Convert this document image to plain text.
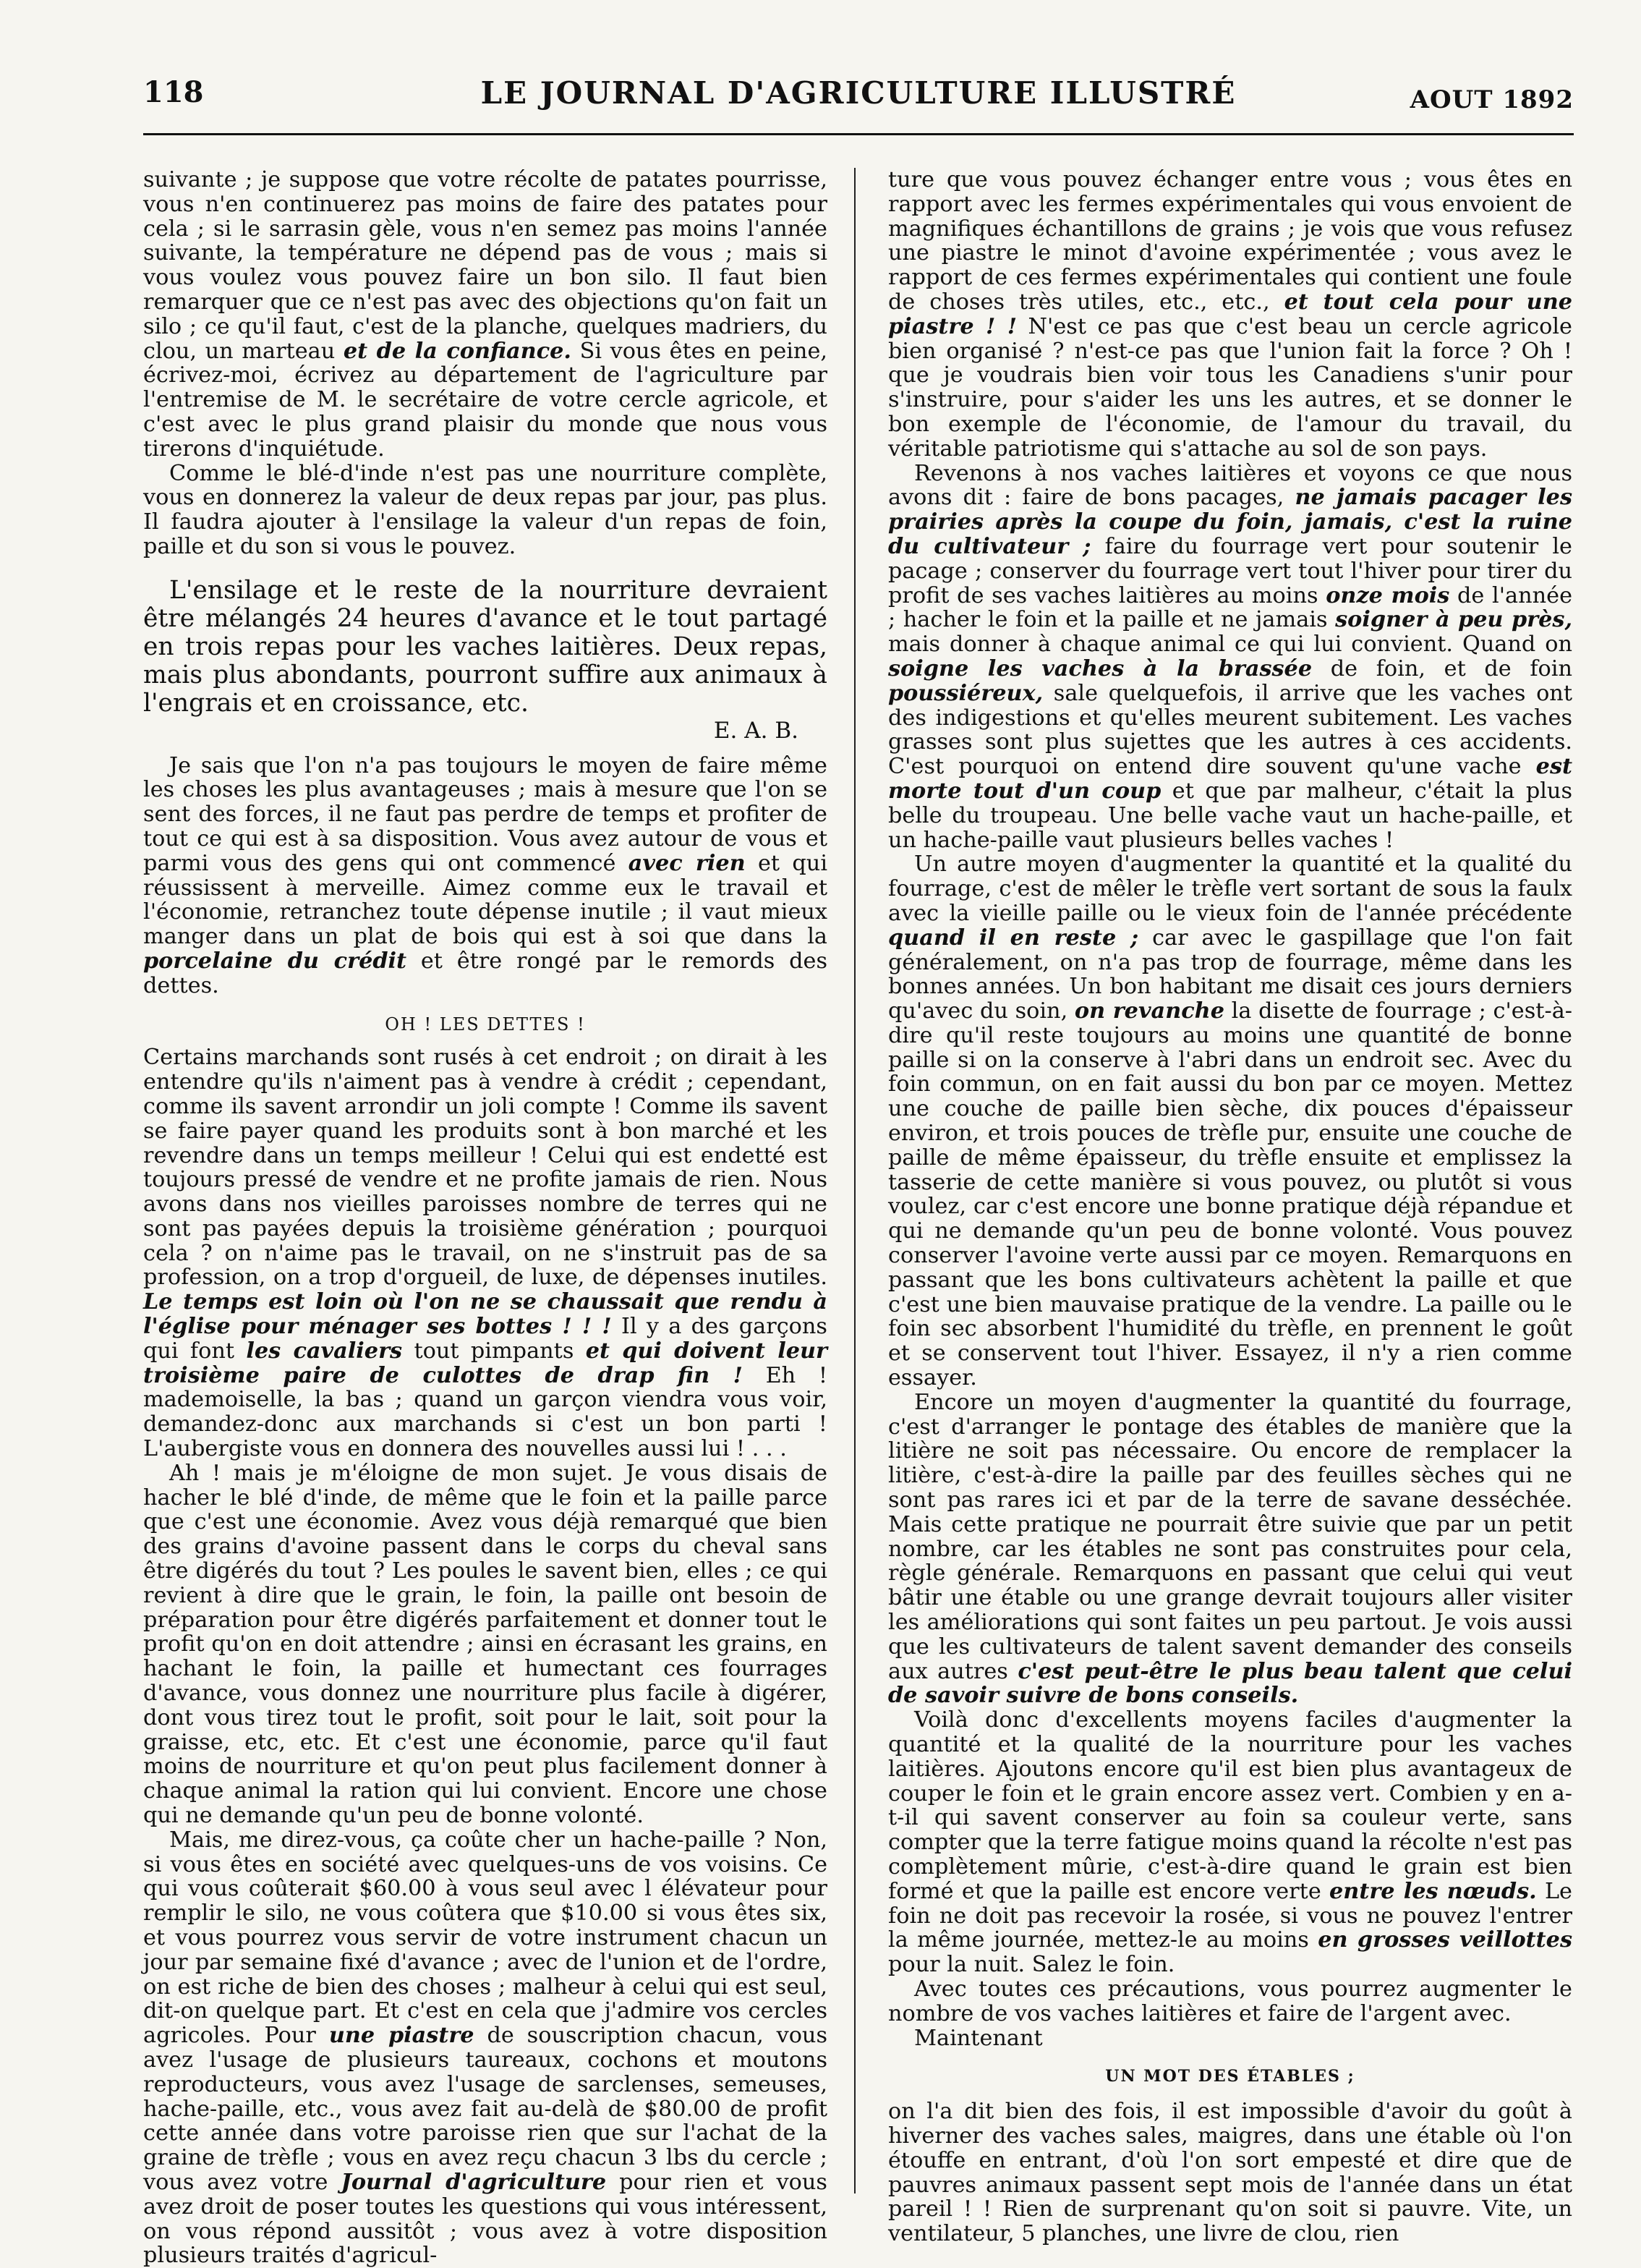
118	LE JOURNAL D'AGRICULTURE ILLUSTRÉ	AOUT 1892

suivante ; je suppose que votre récolte de patates pourrisse, vous n'en continuerez pas moins de faire des patates pour cela ; si le sarrasin gèle, vous n'en semez pas moins l'année suivante, la température ne dépend pas de vous ; mais si vous voulez vous pouvez faire un bon silo. Il faut bien remarquer que ce n'est pas avec des objections qu'on fait un silo ; ce qu'il faut, c'est de la planche, quelques madriers, du clou, un marteau et de la confiance. Si vous êtes en peine, écrivez-moi, écrivez au département de l'agriculture par l'entremise de M. le secrétaire de votre cercle agricole, et c'est avec le plus grand plaisir du monde que nous vous tirerons d'inquiétude.

Comme le blé-d'inde n'est pas une nourriture complète, vous en donnerez la valeur de deux repas par jour, pas plus. Il faudra ajouter à l'ensilage la valeur d'un repas de foin, paille et du son si vous le pouvez.

L'ensilage et le reste de la nourriture devraient être mélangés 24 heures d'avance et le tout partagé en trois repas pour les vaches laitières. Deux repas, mais plus abondants, pourront suffire aux animaux à l'engrais et en croissance, etc.

E. A. B.

Je sais que l'on n'a pas toujours le moyen de faire même les choses les plus avantageuses ; mais à mesure que l'on se sent des forces, il ne faut pas perdre de temps et profiter de tout ce qui est à sa disposition. Vous avez autour de vous et parmi vous des gens qui ont commencé avec rien et qui réussissent à merveille. Aimez comme eux le travail et l'économie, retranchez toute dépense inutile ; il vaut mieux manger dans un plat de bois qui est à soi que dans la porcelaine du crédit et être rongé par le remords des dettes.

OH ! LES DETTES !

Certains marchands sont rusés à cet endroit ; on dirait à les entendre qu'ils n'aiment pas à vendre à crédit ; cependant, comme ils savent arrondir un joli compte ! Comme ils savent se faire payer quand les produits sont à bon marché et les revendre dans un temps meilleur ! Celui qui est endetté est toujours pressé de vendre et ne profite jamais de rien. Nous avons dans nos vieilles paroisses nombre de terres qui ne sont pas payées depuis la troisième génération ; pourquoi cela ? on n'aime pas le travail, on ne s'instruit pas de sa profession, on a trop d'orgueil, de luxe, de dépenses inutiles. Le temps est loin où l'on ne se chaussait que rendu à l'église pour ménager ses bottes ! ! ! Il y a des garçons qui font les cavaliers tout pimpants et qui doivent leur troisième paire de culottes de drap fin ! Eh ! mademoiselle, la bas ; quand un garçon viendra vous voir, demandez-donc aux marchands si c'est un bon parti ! L'aubergiste vous en donnera des nouvelles aussi lui ! . . .

Ah ! mais je m'éloigne de mon sujet. Je vous disais de hacher le blé d'inde, de même que le foin et la paille parce que c'est une économie. Avez vous déjà remarqué que bien des grains d'avoine passent dans le corps du cheval sans être digérés du tout ? Les poules le savent bien, elles ; ce qui revient à dire que le grain, le foin, la paille ont besoin de préparation pour être digérés parfaitement et donner tout le profit qu'on en doit attendre ; ainsi en écrasant les grains, en hachant le foin, la paille et humectant ces fourrages d'avance, vous donnez une nourriture plus facile à digérer, dont vous tirez tout le profit, soit pour le lait, soit pour la graisse, etc, etc. Et c'est une économie, parce qu'il faut moins de nourriture et qu'on peut plus facilement donner à chaque animal la ration qui lui convient. Encore une chose qui ne demande qu'un peu de bonne volonté.

Mais, me direz-vous, ça coûte cher un hache-paille ? Non, si vous êtes en société avec quelques-uns de vos voisins. Ce qui vous coûterait $60.00 à vous seul avec l élévateur pour remplir le silo, ne vous coûtera que $10.00 si vous êtes six, et vous pourrez vous servir de votre instrument chacun un jour par semaine fixé d'avance ; avec de l'union et de l'ordre, on est riche de bien des choses ; malheur à celui qui est seul, dit-on quelque part. Et c'est en cela que j'admire vos cercles agricoles. Pour une piastre de souscription chacun, vous avez l'usage de plusieurs taureaux, cochons et moutons reproducteurs, vous avez l'usage de sarclenses, semeuses, hache-paille, etc., vous avez fait au-delà de $80.00 de profit cette année dans votre paroisse rien que sur l'achat de la graine de trèfle ; vous en avez reçu chacun 3 lbs du cercle ; vous avez votre Journal d'agriculture pour rien et vous avez droit de poser toutes les questions qui vous intéressent, on vous répond aussitôt ; vous avez à votre disposition plusieurs traités d'agricul-

ture que vous pouvez échanger entre vous ; vous êtes en rapport avec les fermes expérimentales qui vous envoient de magnifiques échantillons de grains ; je vois que vous refusez une piastre le minot d'avoine expérimentée ; vous avez le rapport de ces fermes expérimentales qui contient une foule de choses très utiles, etc., etc., et tout cela pour une piastre ! ! N'est ce pas que c'est beau un cercle agricole bien organisé ? n'est-ce pas que l'union fait la force ? Oh ! que je voudrais bien voir tous les Canadiens s'unir pour s'instruire, pour s'aider les uns les autres, et se donner le bon exemple de l'économie, de l'amour du travail, du véritable patriotisme qui s'attache au sol de son pays.

Revenons à nos vaches laitières et voyons ce que nous avons dit : faire de bons pacages, ne jamais pacager les prairies après la coupe du foin, jamais, c'est la ruine du cultivateur ; faire du fourrage vert pour soutenir le pacage ; conserver du fourrage vert tout l'hiver pour tirer du profit de ses vaches laitières au moins onze mois de l'année ; hacher le foin et la paille et ne jamais soigner à peu près, mais donner à chaque animal ce qui lui convient. Quand on soigne les vaches à la brassée de foin, et de foin poussiéreux, sale quelquefois, il arrive que les vaches ont des indigestions et qu'elles meurent subitement. Les vaches grasses sont plus sujettes que les autres à ces accidents. C'est pourquoi on entend dire souvent qu'une vache est morte tout d'un coup et que par malheur, c'était la plus belle du troupeau. Une belle vache vaut un hache-paille, et un hache-paille vaut plusieurs belles vaches !

Un autre moyen d'augmenter la quantité et la qualité du fourrage, c'est de mêler le trèfle vert sortant de sous la faulx avec la vieille paille ou le vieux foin de l'année précédente quand il en reste ; car avec le gaspillage que l'on fait généralement, on n'a pas trop de fourrage, même dans les bonnes années. Un bon habitant me disait ces jours derniers qu'avec du soin, on revanche la disette de fourrage ; c'est-à-dire qu'il reste toujours au moins une quantité de bonne paille si on la conserve à l'abri dans un endroit sec. Avec du foin commun, on en fait aussi du bon par ce moyen. Mettez une couche de paille bien sèche, dix pouces d'épaisseur environ, et trois pouces de trèfle pur, ensuite une couche de paille de même épaisseur, du trèfle ensuite et emplissez la tasserie de cette manière si vous pouvez, ou plutôt si vous voulez, car c'est encore une bonne pratique déjà répandue et qui ne demande qu'un peu de bonne volonté. Vous pouvez conserver l'avoine verte aussi par ce moyen. Remarquons en passant que les bons cultivateurs achètent la paille et que c'est une bien mauvaise pratique de la vendre. La paille ou le foin sec absorbent l'humidité du trèfle, en prennent le goût et se conservent tout l'hiver. Essayez, il n'y a rien comme essayer.

Encore un moyen d'augmenter la quantité du fourrage, c'est d'arranger le pontage des étables de manière que la litière ne soit pas nécessaire. Ou encore de remplacer la litière, c'est-à-dire la paille par des feuilles sèches qui ne sont pas rares ici et par de la terre de savane desséchée. Mais cette pratique ne pourrait être suivie que par un petit nombre, car les étables ne sont pas construites pour cela, règle générale. Remarquons en passant que celui qui veut bâtir une étable ou une grange devrait toujours aller visiter les améliorations qui sont faites un peu partout. Je vois aussi que les cultivateurs de talent savent demander des conseils aux autres c'est peut-être le plus beau talent que celui de savoir suivre de bons conseils.

Voilà donc d'excellents moyens faciles d'augmenter la quantité et la qualité de la nourriture pour les vaches laitières. Ajoutons encore qu'il est bien plus avantageux de couper le foin et le grain encore assez vert. Combien y en a-t-il qui savent conserver au foin sa couleur verte, sans compter que la terre fatigue moins quand la récolte n'est pas complètement mûrie, c'est-à-dire quand le grain est bien formé et que la paille est encore verte entre les nœuds. Le foin ne doit pas recevoir la rosée, si vous ne pouvez l'entrer la même journée, mettez-le au moins en grosses veillottes pour la nuit. Salez le foin.

Avec toutes ces précautions, vous pourrez augmenter le nombre de vos vaches laitières et faire de l'argent avec.

Maintenant

UN MOT DES ÉTABLES ;

on l'a dit bien des fois, il est impossible d'avoir du goût à hiverner des vaches sales, maigres, dans une étable où l'on étouffe en entrant, d'où l'on sort empesté et dire que de pauvres animaux passent sept mois de l'année dans un état pareil ! ! Rien de surprenant qu'on soit si pauvre. Vite, un ventilateur, 5 planches, une livre de clou, rien
